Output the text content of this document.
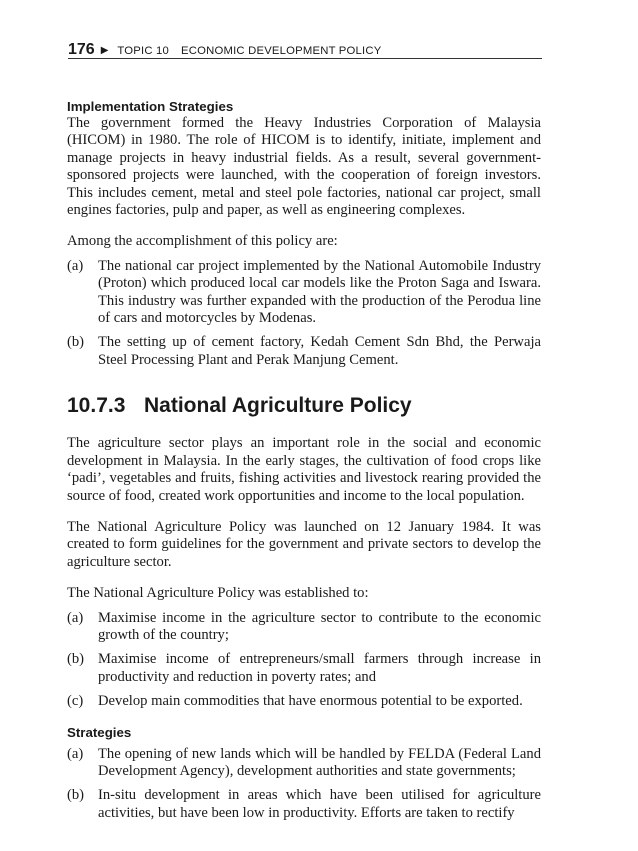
176 ▶ TOPIC 10 ECONOMIC DEVELOPMENT POLICY
Implementation Strategies

The government formed the Heavy Industries Corporation of Malaysia (HICOM) in 1980. The role of HICOM is to identify, initiate, implement and manage projects in heavy industrial fields. As a result, several government-sponsored projects were launched, with the cooperation of foreign investors. This includes cement, metal and steel pole factories, national car project, small engines factories, pulp and paper, as well as engineering complexes.

Among the accomplishment of this policy are:

(a)	The national car project implemented by the National Automobile Industry (Proton) which produced local car models like the Proton Saga and Iswara. This industry was further expanded with the production of the Perodua line of cars and motorcycles by Modenas.
(b) The setting up of cement factory, Kedah Cement Sdn Bhd, the Perwaja Steel Processing Plant and Perak Manjung Cement.
10.7.3 National Agriculture Policy

The agriculture sector plays an important role in the social and economic development in Malaysia. In the early stages, the cultivation of food crops like ‘padi’, vegetables and fruits, fishing activities and livestock rearing provided the source of food, created work opportunities and income to the local population.

The National Agriculture Policy was launched on 12 January 1984. It was created to form guidelines for the government and private sectors to develop the agriculture sector.

The National Agriculture Policy was established to:

(a)	Maximise income in the agriculture sector to contribute to the economic growth of the country;
(b) Maximise income of entrepreneurs/small farmers through increase in productivity and reduction in poverty rates; and
(c)	Develop main commodities that have enormous potential to be exported.
Strategies
(a)	The opening of new lands which will be handled by FELDA (Federal Land Development Agency), development authorities and state governments;
(b) In-situ development in areas which have been utilised for agriculture activities, but have been low in productivity. Efforts are taken to rectify
